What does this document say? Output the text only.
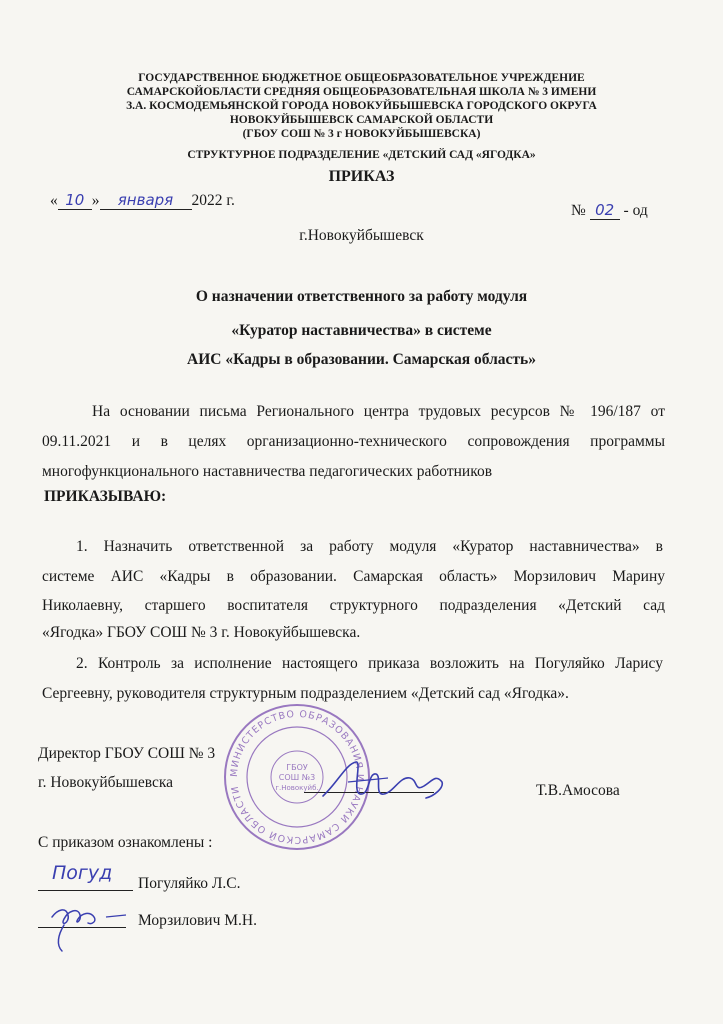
ГОСУДАРСТВЕННОЕ БЮДЖЕТНОЕ ОБЩЕОБРАЗОВАТЕЛЬНОЕ УЧРЕЖДЕНИЕ
САМАРСКОЙОБЛАСТИ СРЕДНЯЯ ОБЩЕОБРАЗОВАТЕЛЬНАЯ ШКОЛА № 3 ИМЕНИ
З.А. КОСМОДЕМЬЯНСКОЙ ГОРОДА НОВОКУЙБЫШЕВСКА ГОРОДСКОГО ОКРУГА
НОВОКУЙБЫШЕВСК САМАРСКОЙ ОБЛАСТИ
(ГБОУ СОШ № 3 г НОВОКУЙБЫШЕВСКА)
СТРУКТУРНОЕ ПОДРАЗДЕЛЕНИЕ «ДЕТСКИЙ САД «ЯГОДКА»
ПРИКАЗ
« 10 » января 2022 г.
№ 02 - од
г.Новокуйбышевск
О назначении ответственного за работу модуля
«Куратор наставничества» в системе
АИС «Кадры в образовании. Самарская область»
На основании письма Регионального центра трудовых ресурсов № 196/187 от
09.11.2021 и в целях организационно-технического сопровождения программы
многофункционального наставничества педагогических работников
ПРИКАЗЫВАЮ:
1. Назначить ответственной за работу модуля «Куратор наставничества» в
системе АИС «Кадры в образовании. Самарская область» Морзилович Марину
Николаевну, старшего воспитателя структурного подразделения «Детский сад
«Ягодка» ГБОУ СОШ № 3 г. Новокуйбышевска.
2. Контроль за исполнение настоящего приказа возложить на Погуляйко Ларису
Сергеевну, руководителя структурным подразделением «Детский сад «Ягодка».
МИНИСТЕРСТВО ОБРАЗОВАНИЯ И НАУКИ САМАРСКОЙ ОБЛАСТИ
ГБОУ
СОШ №3
г.Новокуйб.
Директор ГБОУ СОШ № 3
г. Новокуйбышевска	Т.В.Амосова
С приказом ознакомлены :
Погуд Погуляйко Л.С.
Морзилович М.Н.
